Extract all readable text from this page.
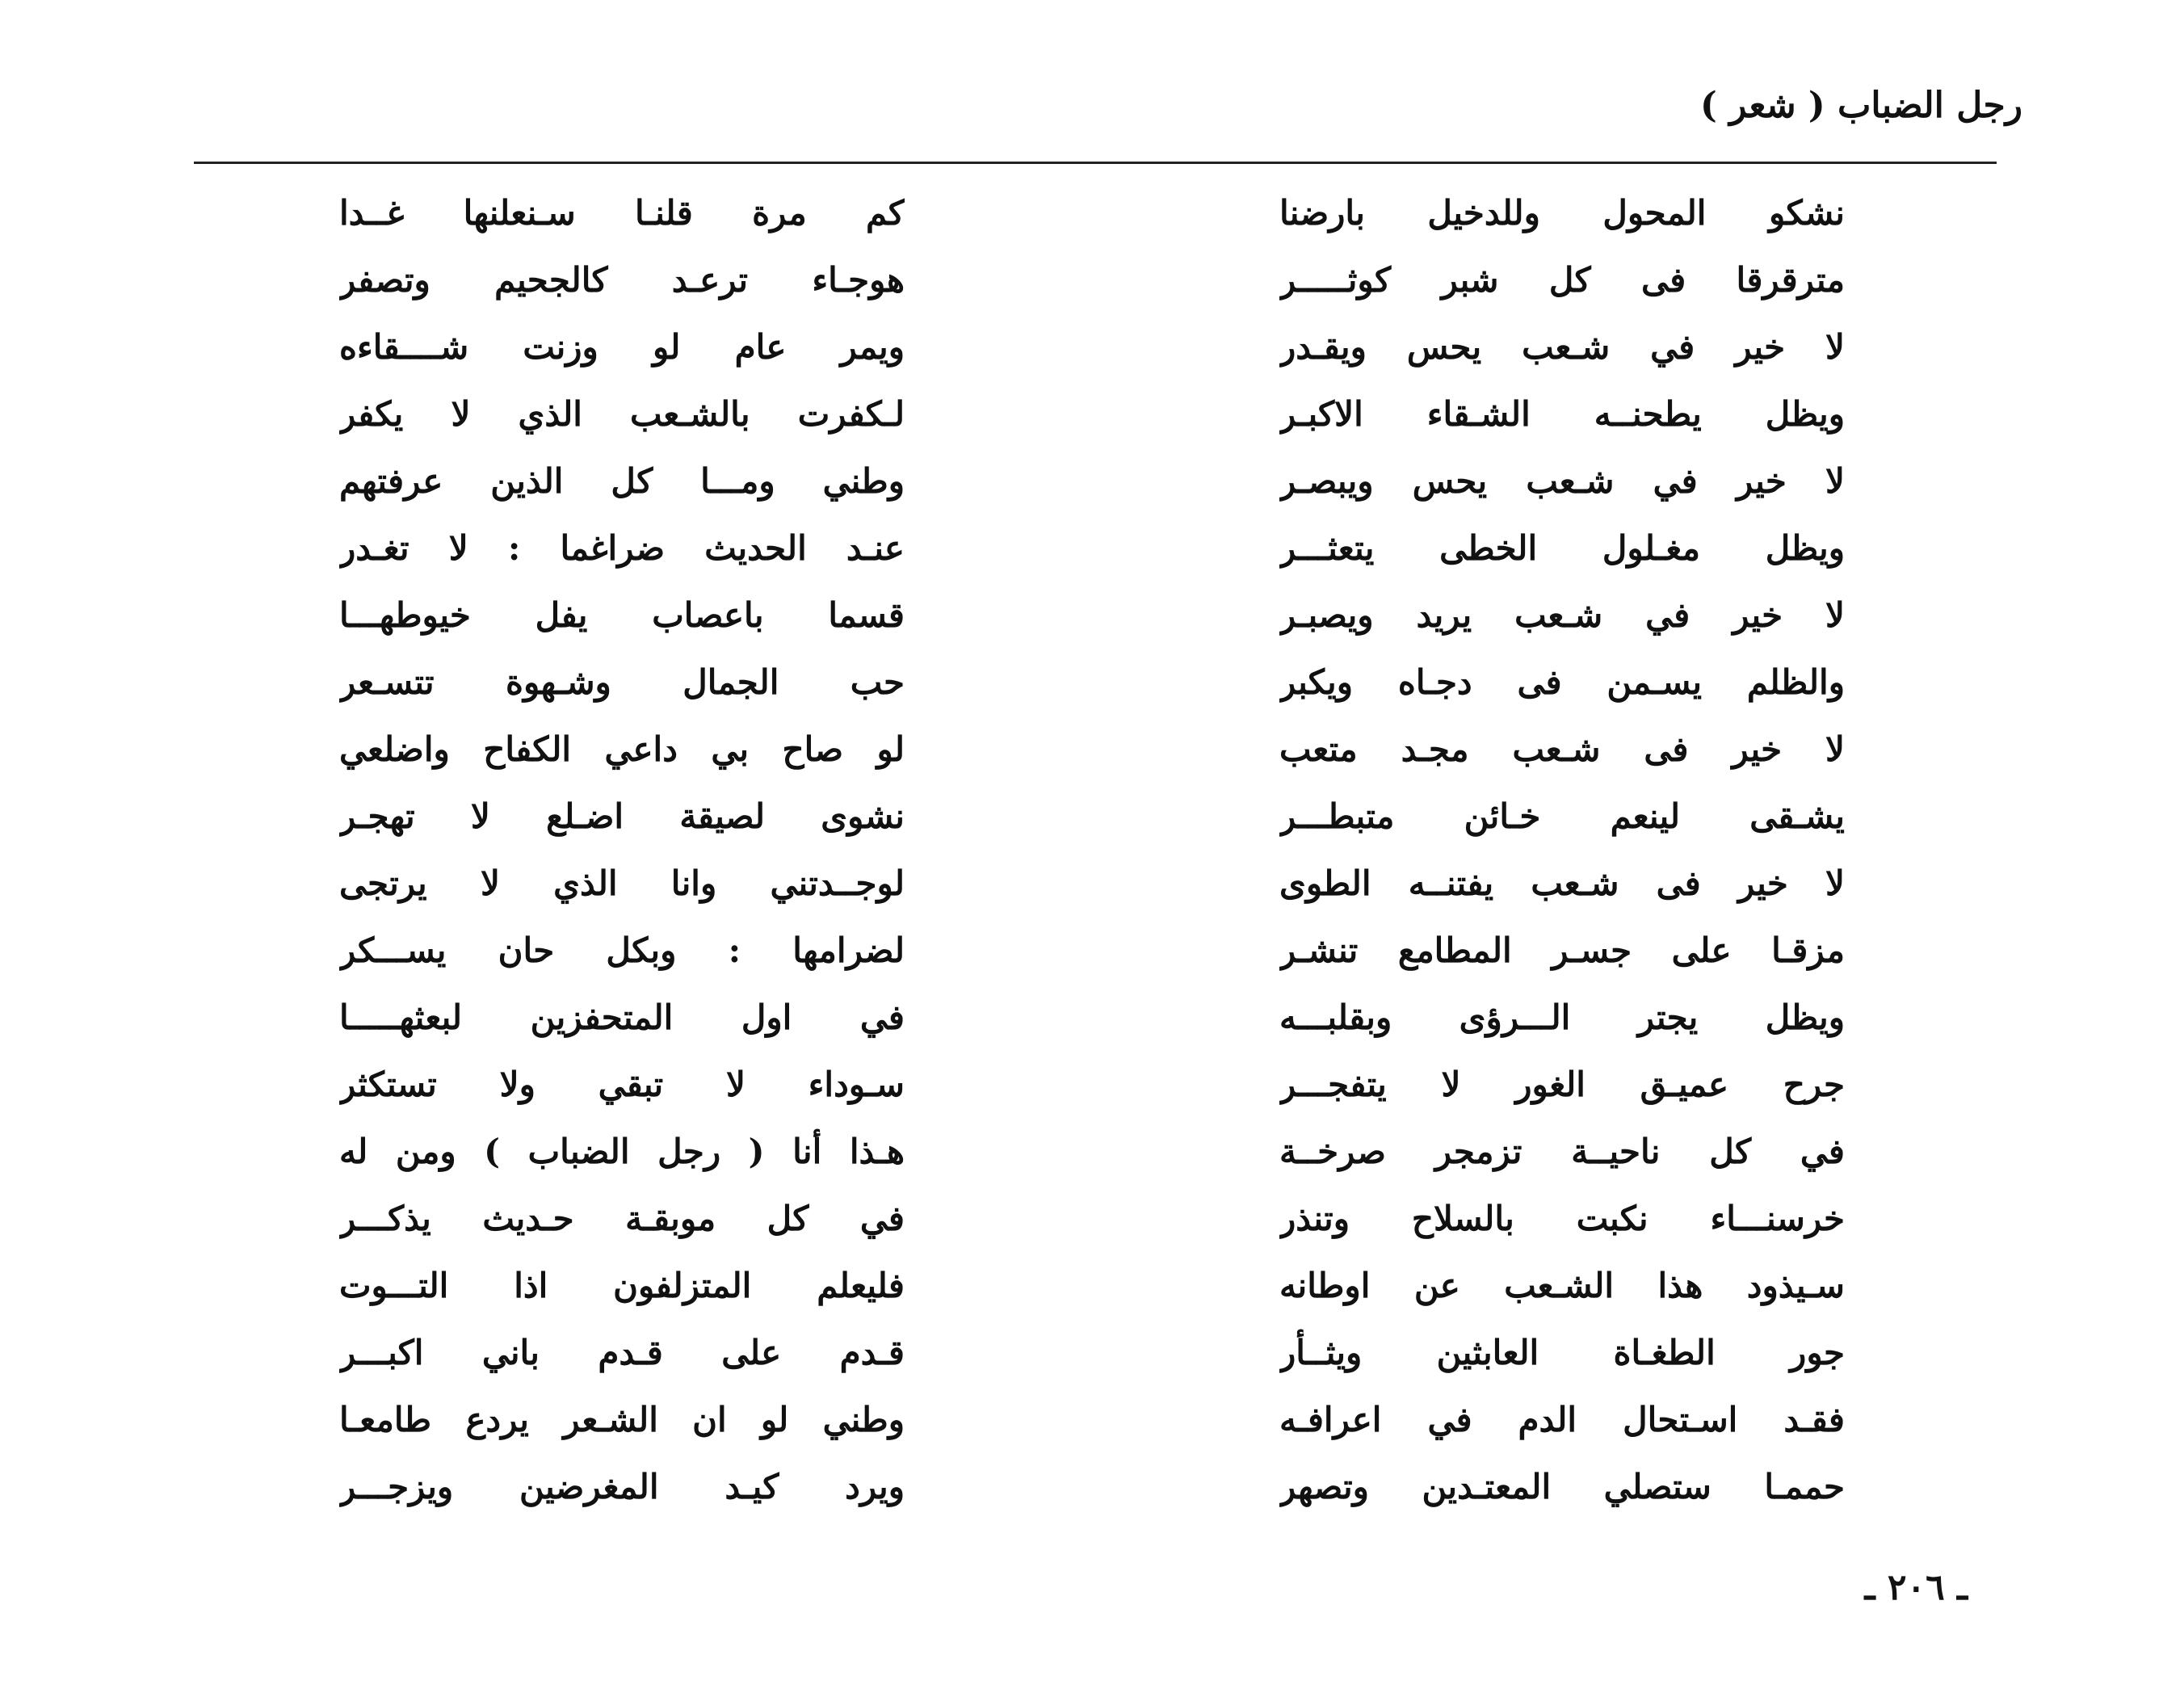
رجل الضباب ( شعر )
نشكو المحول وللدخيل بارضنا
مترقرقا فى كل شبر كوثـــــر
لا خير في شـعب يحس ويقـدر
ويظل يطحنــه الشـقاء الاكبـر
لا خير في شـعب يحس ويبصـر
ويظل مغـلول الخطى يتعثـــر
لا خير في شـعب يريد ويصبـر
والظلم يسـمن فى دجـاه ويكبر
لا خير فى شـعب مجـد متعب
يشـقى لينعم خـائن متبطـــر
لا خير فى شـعب يفتنــه الطوى
مزقـا على جسـر المطامع تنشـر
ويظل يجتر الـــرؤى وبقلبـــه
جرح عميـق الغور لا يتفجـــر
في كل ناحيــة تزمجر صرخــة
خرسنـــاء نكبت بالسلاح وتنذر
سـيذود هذا الشـعب عن اوطانه
جور الطغـاة العابثين ويثــأر
فقـد اسـتحال الدم في اعرافـه
حممـا ستصلي المعتـدين وتصهر
كم مرة قلنـا سـنعلنها غــدا
هوجـاء ترعـد كالجحيم وتصفر
ويمر عام لو وزنت شــــقاءه
لـكفرت بالشـعب الذي لا يكفر
وطني ومـــا كل الذين عرفتهم
عنـد الحديث ضراغما : لا تغـدر
قسما باعصاب يفل خيوطهـــا
حب الجمال وشـهوة تتسـعر
لو صاح بي داعي الكفاح واضلعي
نشوى لصيقة اضـلع لا تهجـر
لوجــدتني وانا الذي لا يرتجى
لضرامها : وبكل حان يســـكر
في اول المتحفزين لبعثهـــــا
سـوداء لا تبقي ولا تستكثر
هـذا أنا ( رجل الضباب ) ومن له
في كل موبقـة حـديث يذكـــر
فليعلم المتزلفون اذا التـــوت
قـدم على قـدم باني اكبـــر
وطني لو ان الشـعر يردع طامعـا
ويرد كيـد المغرضين ويزجـــر
ـ ٢٠٦ ـ
